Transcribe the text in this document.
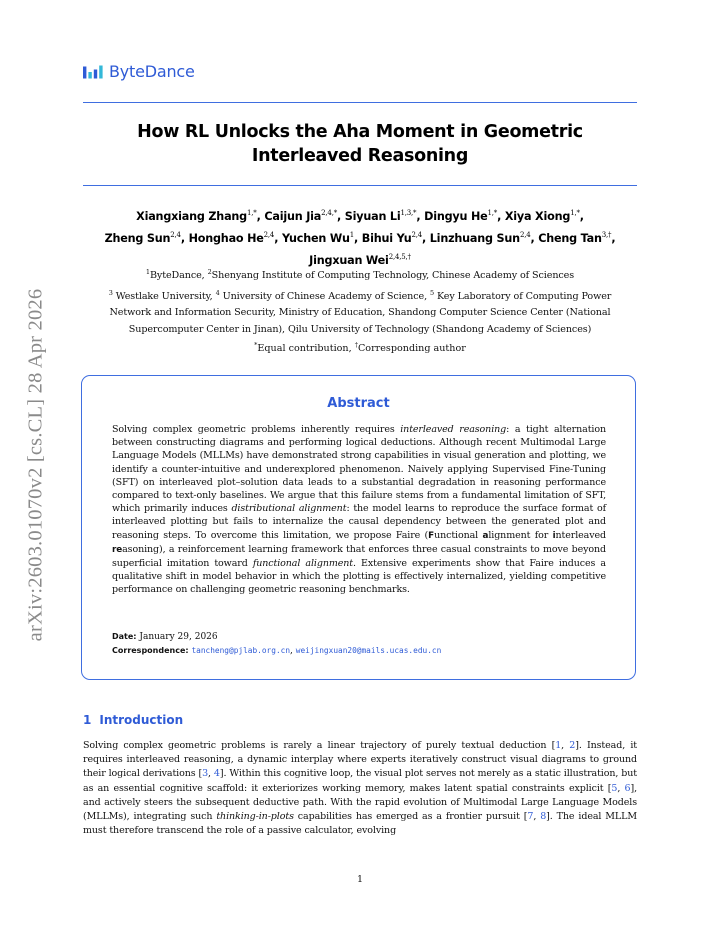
ByteDance
arXiv:2603.01070v2 [cs.CL] 28 Apr 2026
How RL Unlocks the Aha Moment in Geometric
Interleaved Reasoning
Xiangxiang Zhang$^{1,*}$, Caijun Jia$^{2,4,*}$, Siyuan $Li^{1,3,*}$, Dingyu $He^{1,*}$, Xiya Xiong$^{1,*}$,
Zheng Sun$^{2,4}$, Honghao He$^{2,4}$, Yuchen Wu$^1$, Bihui Yu$^{2,4}$, Linzhuang Sun$^{2,4}$, Cheng Tan$^{3,\dagger}$,
Jingxuan Wei$^{2,4,5,\dagger}$
$^1$ByteDance, $^2$Shenyang Institute of Computing Technology, Chinese Academy of Sciences
$^3$ Westlake University, $^4$ University of Chinese Academy of Science, $^5$ Key Laboratory of Computing Power
Network and Information Security, Ministry of Education, Shandong Computer Science Center (National
Supercomputer Center in Jinan), Qilu University of Technology (Shandong Academy of Sciences)
*Equal contribution, †Corresponding author
Abstract
Solving complex geometric problems inherently requires interleaved reasoning: a tight alternation between constructing diagrams and performing logical deductions. Although recent Multimodal Large Language Models (MLLMs) have demonstrated strong capabilities in visual generation and plotting, we identify a counter-intuitive and underexplored phenomenon. Naively applying Supervised Fine-Tuning (SFT) on interleaved plot–solution data leads to a substantial degradation in reasoning performance compared to text-only baselines. We argue that this failure stems from a fundamental limitation of SFT, which primarily induces distributional alignment: the model learns to reproduce the surface format of interleaved plotting but fails to internalize the causal dependency between the generated plot and reasoning steps. To overcome this limitation, we propose Faire (Functional alignment for interleaved reasoning), a reinforcement learning framework that enforces three casual constraints to move beyond superficial imitation toward functional alignment. Extensive experiments show that Faire induces a qualitative shift in model behavior in which the plotting is effectively internalized, yielding competitive performance on challenging geometric reasoning benchmarks.
Date: January 29, 2026
Correspondence: tancheng@pjlab.org.cn, weijingxuan20@mails.ucas.edu.cn
1 Introduction
Solving complex geometric problems is rarely a linear trajectory of purely textual deduction [1, 2]. Instead, it requires interleaved reasoning, a dynamic interplay where experts iteratively construct visual diagrams to ground their logical derivations [3, 4]. Within this cognitive loop, the visual plot serves not merely as a static illustration, but as an essential cognitive scaffold: it exteriorizes working memory, makes latent spatial constraints explicit [5, 6], and actively steers the subsequent deductive path. With the rapid evolution of Multimodal Large Language Models (MLLMs), integrating such thinking-in-plots capabilities has emerged as a frontier pursuit [7, 8]. The ideal MLLM must therefore transcend the role of a passive calculator, evolving
1
